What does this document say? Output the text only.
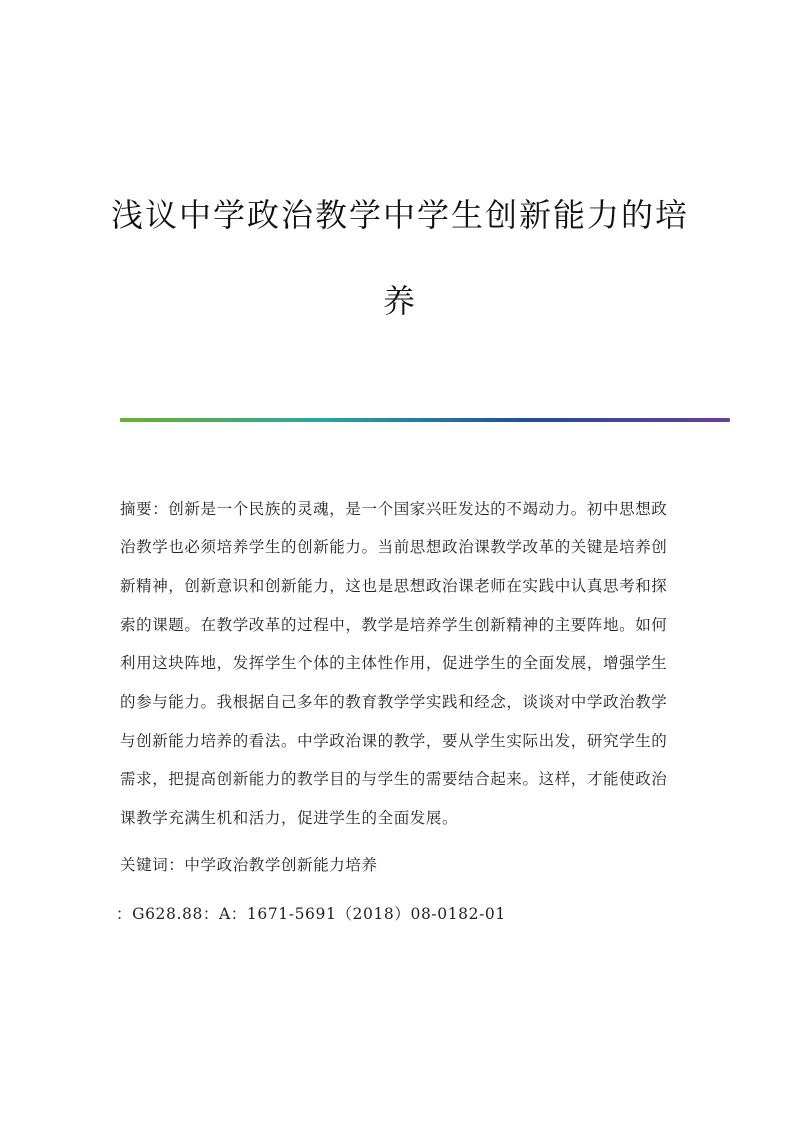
浅议中学政治教学中学生创新能力的培
养
摘要：创新是一个民族的灵魂，是一个国家兴旺发达的不竭动力。初中思想政
治教学也必须培养学生的创新能力。当前思想政治课教学改革的关键是培养创
新精神，创新意识和创新能力，这也是思想政治课老师在实践中认真思考和探
索的课题。在教学改革的过程中，教学是培养学生创新精神的主要阵地。如何
利用这块阵地，发挥学生个体的主体性作用，促进学生的全面发展，增强学生
的参与能力。我根据自己多年的教育教学学实践和经念，谈谈对中学政治教学
与创新能力培养的看法。中学政治课的教学，要从学生实际出发，研究学生的
需求，把提高创新能力的教学目的与学生的需要结合起来。这样，才能使政治
课教学充满生机和活力，促进学生的全面发展。
关键词：中学政治教学创新能力培养
：G628.88：A：1671-5691（2018）08-0182-01
